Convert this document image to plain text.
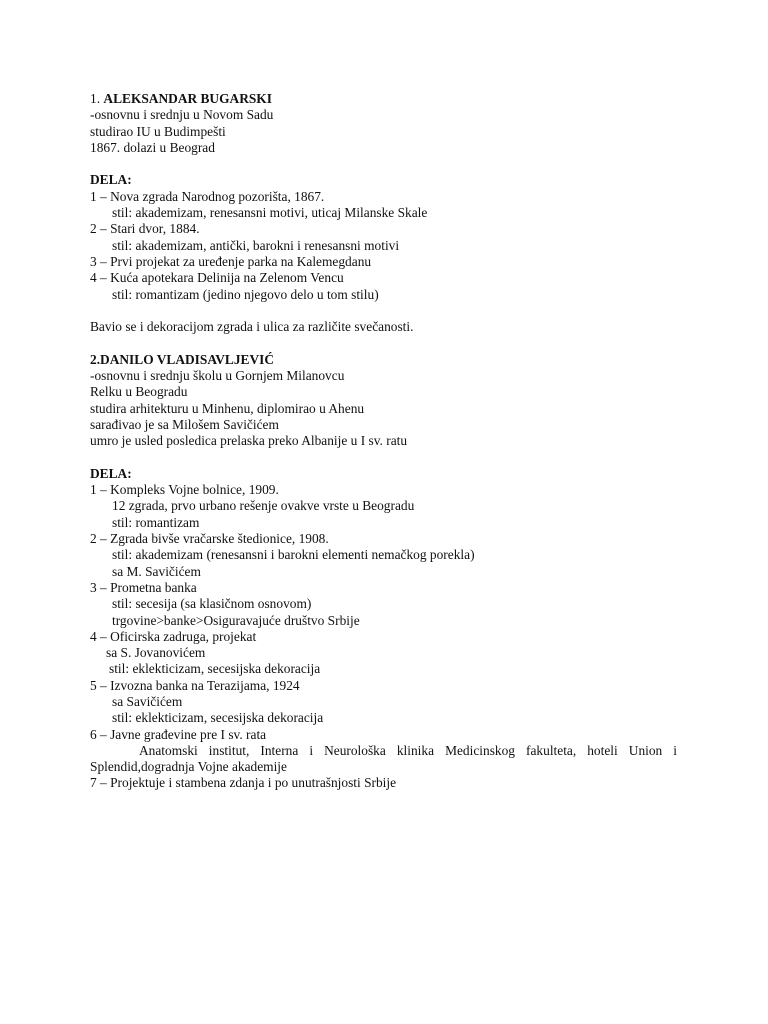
1. ALEKSANDAR BUGARSKI
-osnovnu i srednju u Novom Sadu
studirao IU u Budimpešti
1867. dolazi u Beograd
DELA:
1 – Nova zgrada Narodnog pozorišta, 1867.
stil: akademizam, renesansni motivi, uticaj Milanske Skale
2 – Stari dvor, 1884.
stil: akademizam, antički, barokni i renesansni motivi
3 – Prvi projekat za uređenje parka na Kalemegdanu
4 – Kuća apotekara Delinija na Zelenom Vencu
stil: romantizam (jedino njegovo delo u tom stilu)
Bavio se i dekoracijom zgrada i ulica za različite svečanosti.
2.DANILO VLADISAVLJEVIĆ
-osnovnu i srednju školu u Gornjem Milanovcu
Relku u Beogradu
studira arhitekturu u Minhenu, diplomirao u Ahenu
sarađivao je sa Milošem Savičićem
umro je usled posledica prelaska preko Albanije u I sv. ratu
DELA:
1 – Kompleks Vojne bolnice, 1909.
12 zgrada, prvo urbano rešenje ovakve vrste u Beogradu
stil: romantizam
2 – Zgrada bivše vračarske štedionice, 1908.
stil: akademizam (renesansni i barokni elementi nemačkog porekla)
sa M. Savičićem
3 – Prometna banka
stil: secesija (sa klasičnom osnovom)
trgovine>banke>Osiguravajuće društvo Srbije
4 – Oficirska zadruga, projekat
sa S. Jovanovićem
stil: eklekticizam, secesijska dekoracija
5 – Izvozna banka na Terazijama, 1924
sa Savičićem
stil: eklekticizam, secesijska dekoracija
6 – Javne građevine pre I sv. rata
Anatomski institut, Interna i Neurološka klinika Medicinskog fakulteta, hoteli Union i
Splendid,dogradnja Vojne akademije
7 – Projektuje i stambena zdanja i po unutrašnjosti Srbije
